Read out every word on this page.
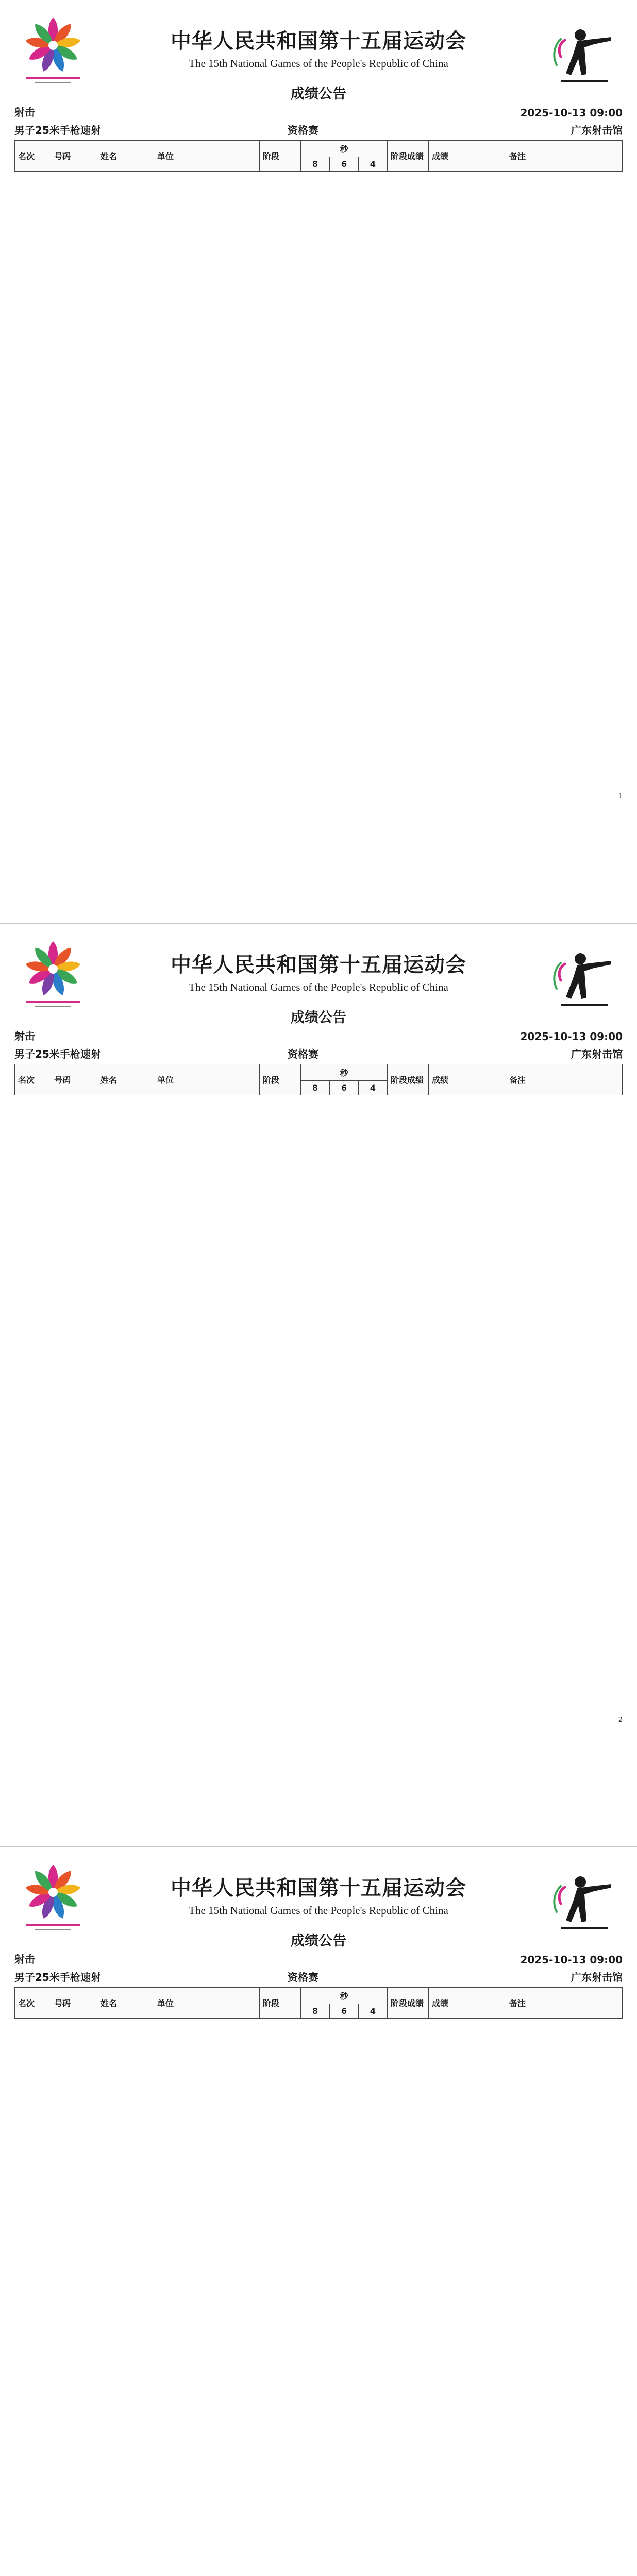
中华人民共和国第十五届运动会
The 15th National Games of the People's Republic of China
成绩公告
射击	2025-10-13 09:00
男子25米手枪速射	资格赛	广东射击馆
名次	号码	姓名	单位	阶段	秒			阶段成绩	成绩	备注
					8	6	4			
1
中华人民共和国第十五届运动会
The 15th National Games of the People's Republic of China
成绩公告
射击	2025-10-13 09:00
男子25米手枪速射	资格赛	广东射击馆
名次	号码	姓名	单位	阶段	秒			阶段成绩	成绩	备注
					8	6	4			
2
中华人民共和国第十五届运动会
The 15th National Games of the People's Republic of China
成绩公告
射击	2025-10-13 09:00
男子25米手枪速射	资格赛	广东射击馆
名次	号码	姓名	单位	阶段	秒			阶段成绩	成绩	备注
					8	6	4			
